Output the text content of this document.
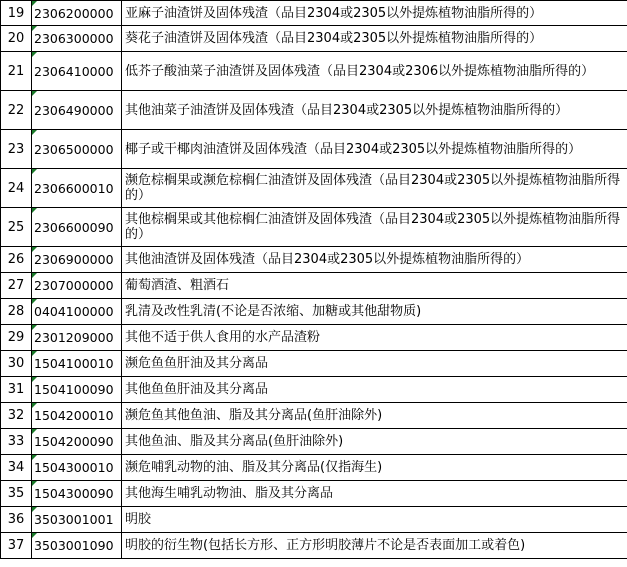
19	2306200000	亚麻子油渣饼及固体残渣（品目2304或2305以外提炼植物油脂所得的）
20	2306300000	葵花子油渣饼及固体残渣（品目2304或2305以外提炼植物油脂所得的）
21	2306410000	低芥子酸油菜子油渣饼及固体残渣（品目2304或2306以外提炼植物油脂所得的）
22	2306490000	其他油菜子油渣饼及固体残渣（品目2304或2305以外提炼植物油脂所得的）
23	2306500000	椰子或干椰肉油渣饼及固体残渣（品目2304或2305以外提炼植物油脂所得的）
24	2306600010	濒危棕榈果或濒危棕榈仁油渣饼及固体残渣（品目2304或2305以外提炼植物油脂所得的）
25	2306600090	其他棕榈果或其他棕榈仁油渣饼及固体残渣（品目2304或2305以外提炼植物油脂所得的）
26	2306900000	其他油渣饼及固体残渣（品目2304或2305以外提炼植物油脂所得的）
27	2307000000	葡萄酒渣、粗酒石
28	0404100000	乳清及改性乳清(不论是否浓缩、加糖或其他甜物质)
29	2301209000	其他不适于供人食用的水产品渣粉
30	1504100010	濒危鱼鱼肝油及其分离品
31	1504100090	其他鱼鱼肝油及其分离品
32	1504200010	濒危鱼其他鱼油、脂及其分离品(鱼肝油除外)
33	1504200090	其他鱼油、脂及其分离品(鱼肝油除外)
34	1504300010	濒危哺乳动物的油、脂及其分离品(仅指海生)
35	1504300090	其他海生哺乳动物油、脂及其分离品
36	3503001001	明胶
37	3503001090	明胶的衍生物(包括长方形、正方形明胶薄片不论是否表面加工或着色)
